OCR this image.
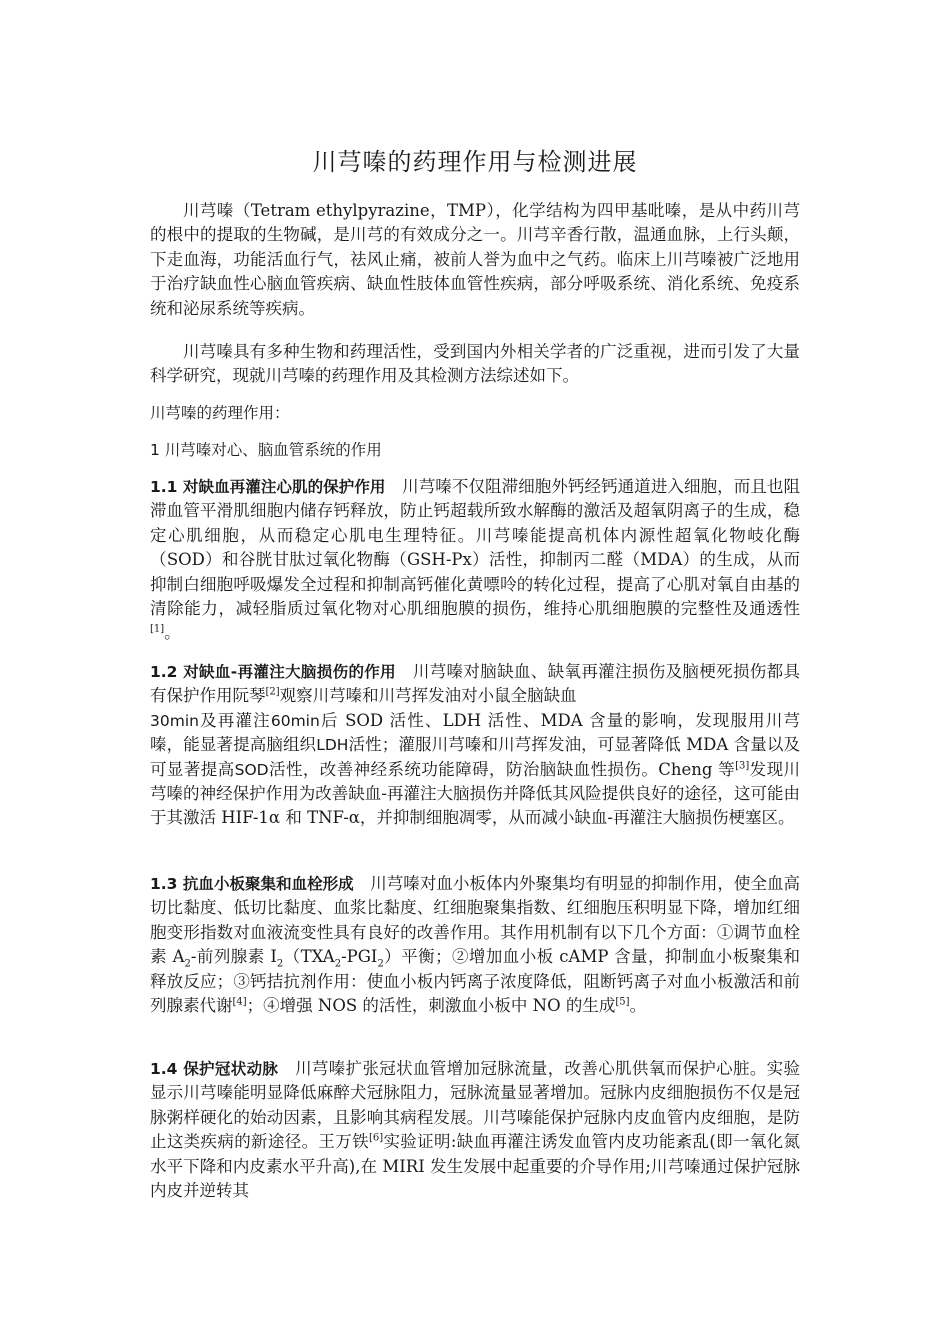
川芎嗪的药理作用与检测进展

川芎嗪（Tetram ethylpyrazine，TMP），化学结构为四甲基吡嗪，是从中药川芎的根中的提取的生物碱，是川芎的有效成分之一。川芎辛香行散，温通血脉，上行头颠，下走血海，功能活血行气，祛风止痛，被前人誉为血中之气药。临床上川芎嗪被广泛地用于治疗缺血性心脑血管疾病、缺血性肢体血管性疾病，部分呼吸系统、消化系统、免疫系统和泌尿系统等疾病。

川芎嗪具有多种生物和药理活性，受到国内外相关学者的广泛重视，进而引发了大量科学研究，现就川芎嗪的药理作用及其检测方法综述如下。

川芎嗪的药理作用：
1 川芎嗪对心、脑血管系统的作用

1.1 对缺血再灌注心肌的保护作用　 川芎嗪不仅阻滞细胞外钙经钙通道进入细胞，而且也阻滞血管平滑肌细胞内储存钙释放，防止钙超载所致水解酶的激活及超氧阴离子的生成，稳定心肌细胞，从而稳定心肌电生理特征。川芎嗪能提高机体内源性超氧化物岐化酶（SOD）和谷胱甘肽过氧化物酶（GSH-Px）活性，抑制丙二醛（MDA）的生成，从而抑制白细胞呼吸爆发全过程和抑制高钙催化黄嘌呤的转化过程，提高了心肌对氧自由基的清除能力，减轻脂质过氧化物对心肌细胞膜的损伤，维持心肌细胞膜的完整性及通透性[1]。

1.2 对缺血-再灌注大脑损伤的作用　 川芎嗪对脑缺血、缺氧再灌注损伤及脑梗死损伤都具有保护作用阮琴[2]观察川芎嗪和川芎挥发油对小鼠全脑缺血
30min及再灌注60min后 SOD 活性、LDH 活性、MDA 含量的影响，发现服用川芎嗪，能显著提高脑组织LDH活性；灌服川芎嗪和川芎挥发油，可显著降低 MDA 含量以及可显著提高SOD活性，改善神经系统功能障碍，防治脑缺血性损伤。Cheng 等[3]发现川芎嗪的神经保护作用为改善缺血-再灌注大脑损伤并降低其风险提供良好的途径，这可能由于其激活 HIF-1α 和 TNF-α，并抑制细胞凋零，从而减小缺血-再灌注大脑损伤梗塞区。

1.3 抗血小板聚集和血栓形成　 川芎嗪对血小板体内外聚集均有明显的抑制作用，使全血高切比黏度、低切比黏度、血浆比黏度、红细胞聚集指数、红细胞压积明显下降，增加红细胞变形指数对血液流变性具有良好的改善作用。其作用机制有以下几个方面：①调节血栓素 $A_2-$前列腺素 $I_2(TXA_2-PGI_2)$平衡；②增加血小板 cAMP 含量，抑制血小板聚集和释放反应；③钙拮抗剂作用：使血小板内钙离子浓度降低，阻断钙离子对血小板激活和前列腺素代谢[4]；④增强 NOS 的活性，刺激血小板中 NO 的生成[5]。

1.4 保护冠状动脉　 川芎嗪扩张冠状血管增加冠脉流量，改善心肌供氧而保护心脏。实验显示川芎嗪能明显降低麻醉犬冠脉阻力，冠脉流量显著增加。冠脉内皮细胞损伤不仅是冠脉粥样硬化的始动因素，且影响其病程发展。川芎嗪能保护冠脉内皮血管内皮细胞，是防止这类疾病的新途径。王万铁[6]实验证明:缺血再灌注诱发血管内皮功能紊乱(即一氧化氮水平下降和内皮素水平升高),在 MIRI 发生发展中起重要的介导作用;川芎嗪通过保护冠脉内皮并逆转其
